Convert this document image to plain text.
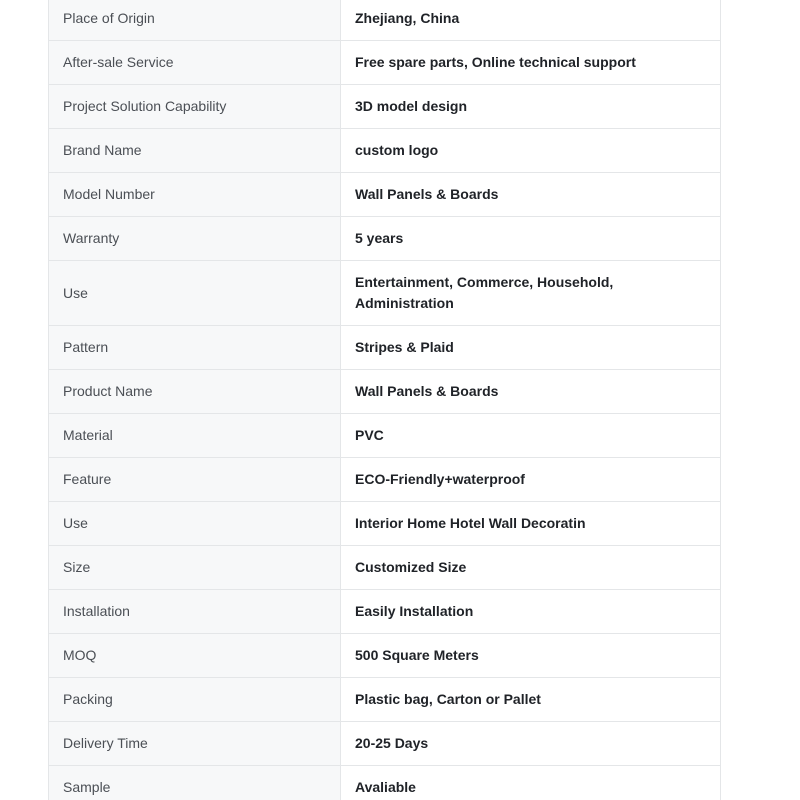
Place of Origin	Zhejiang, China
After-sale Service	Free spare parts, Online technical support
Project Solution Capability	3D model design
Brand Name	custom logo
Model Number	Wall Panels & Boards
Warranty	5 years
Use	Entertainment, Commerce, Household, Administration
Pattern	Stripes & Plaid
Product Name	Wall Panels & Boards
Material	PVC
Feature	ECO-Friendly+waterproof
Use	Interior Home Hotel Wall Decoratin
Size	Customized Size
Installation	Easily Installation
MOQ	500 Square Meters
Packing	Plastic bag, Carton or Pallet
Delivery Time	20-25 Days
Sample	Avaliable
